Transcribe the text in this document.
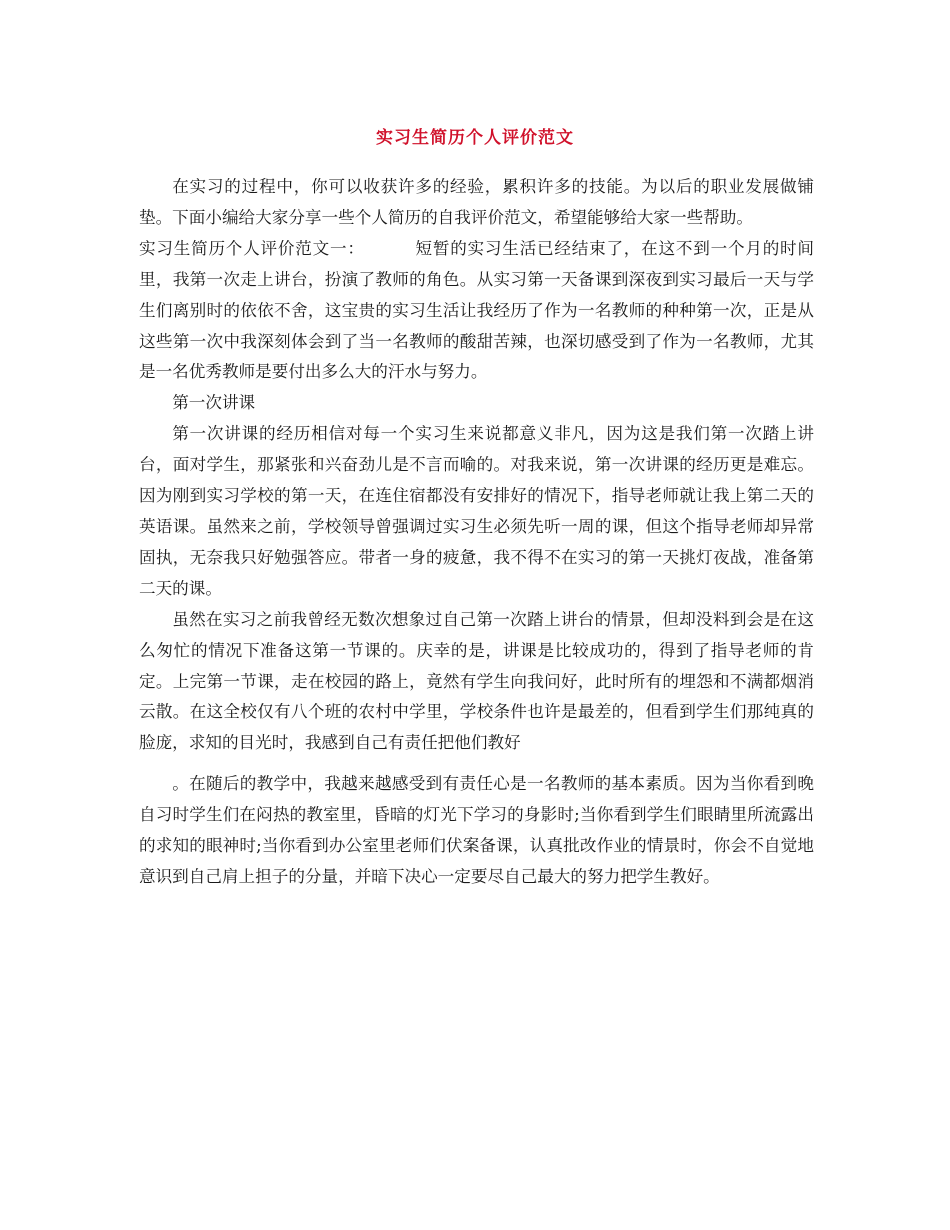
实习生简历个人评价范文

在实习的过程中，你可以收获许多的经验，累积许多的技能。为以后的职业发展做铺垫。下面小编给大家分享一些个人简历的自我评价范文，希望能够给大家一些帮助。

实习生简历个人评价范文一：	短暂的实习生活已经结束了，在这不到一个月的时间里，我第一次走上讲台，扮演了教师的角色。从实习第一天备课到深夜到实习最后一天与学生们离别时的依依不舍，这宝贵的实习生活让我经历了作为一名教师的种种第一次，正是从这些第一次中我深刻体会到了当一名教师的酸甜苦辣，也深切感受到了作为一名教师，尤其是一名优秀教师是要付出多么大的汗水与努力。

第一次讲课

第一次讲课的经历相信对每一个实习生来说都意义非凡，因为这是我们第一次踏上讲台，面对学生，那紧张和兴奋劲儿是不言而喻的。对我来说，第一次讲课的经历更是难忘。因为刚到实习学校的第一天，在连住宿都没有安排好的情况下，指导老师就让我上第二天的英语课。虽然来之前，学校领导曾强调过实习生必须先听一周的课，但这个指导老师却异常固执，无奈我只好勉强答应。带者一身的疲惫，我不得不在实习的第一天挑灯夜战，准备第二天的课。

虽然在实习之前我曾经无数次想象过自己第一次踏上讲台的情景，但却没料到会是在这么匆忙的情况下准备这第一节课的。庆幸的是，讲课是比较成功的，得到了指导老师的肯定。上完第一节课，走在校园的路上，竟然有学生向我问好，此时所有的埋怨和不满都烟消云散。在这全校仅有八个班的农村中学里，学校条件也许是最差的，但看到学生们那纯真的脸庞，求知的目光时，我感到自己有责任把他们教好

。在随后的教学中，我越来越感受到有责任心是一名教师的基本素质。因为当你看到晚自习时学生们在闷热的教室里，昏暗的灯光下学习的身影时;当你看到学生们眼睛里所流露出的求知的眼神时;当你看到办公室里老师们伏案备课，认真批改作业的情景时，你会不自觉地意识到自己肩上担子的分量，并暗下决心一定要尽自己最大的努力把学生教好。
